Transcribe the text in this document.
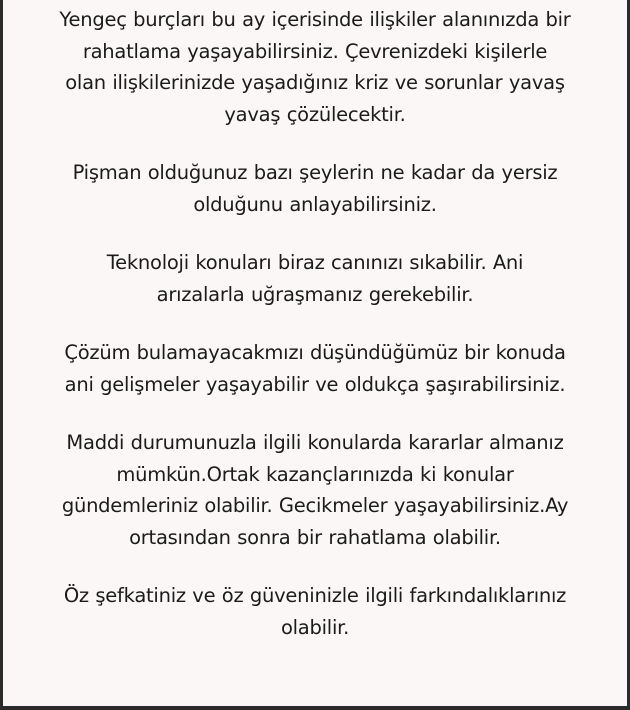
Yengeç burçları bu ay içerisinde ilişkiler alanınızda bir
rahatlama yaşayabilirsiniz. Çevrenizdeki kişilerle
olan ilişkilerinizde yaşadığınız kriz ve sorunlar yavaş
yavaş çözülecektir.

Pişman olduğunuz bazı şeylerin ne kadar da yersiz
olduğunu anlayabilirsiniz.

Teknoloji konuları biraz canınızı sıkabilir. Ani
arızalarla uğraşmanız gerekebilir.

Çözüm bulamayacakmızı düşündüğümüz bir konuda
ani gelişmeler yaşayabilir ve oldukça şaşırabilirsiniz.

Maddi durumunuzla ilgili konularda kararlar almanız
mümkün.Ortak kazançlarınızda ki konular
gündemleriniz olabilir. Gecikmeler yaşayabilirsiniz.Ay
ortasından sonra bir rahatlama olabilir.

Öz şefkatiniz ve öz güveninizle ilgili farkındalıklarınız
olabilir.
